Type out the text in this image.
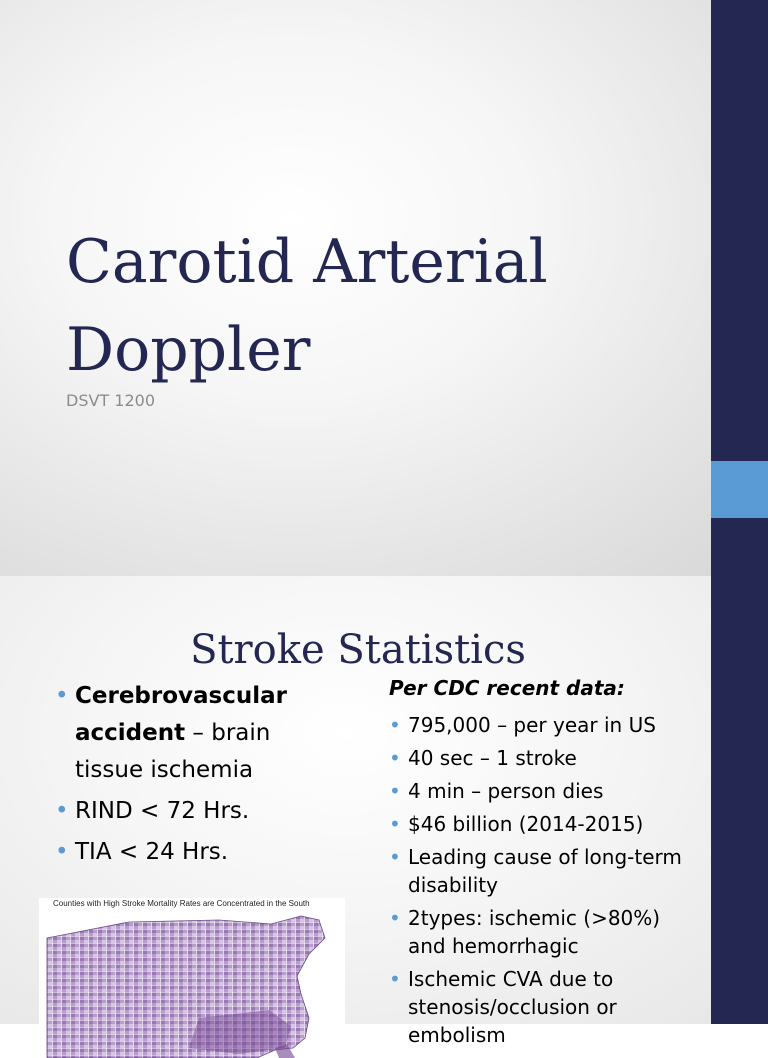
Carotid Arterial
Doppler
DSVT 1200
Stroke Statistics
• Cerebrovascular accident – brain tissue ischemia
• RIND < 72 Hrs.
• TIA < 24 Hrs.
Per CDC recent data:
• 795,000 – per year in US
• 40 sec – 1 stroke
• 4 min – person dies
• $46 billion (2014-2015)
• Leading cause of long-term disability
• 2types: ischemic (>80%) and hemorrhagic
• Ischemic CVA due to stenosis/occlusion or embolism
Counties with High Stroke Mortality Rates are Concentrated in the South
